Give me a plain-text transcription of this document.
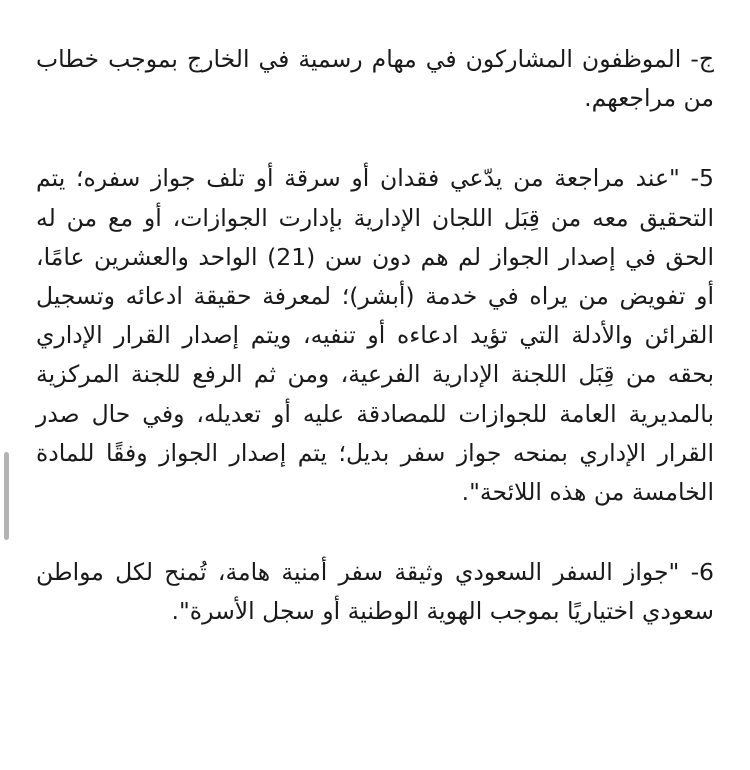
ج- الموظفون المشاركون في مهام رسمية في الخارج بموجب خطاب من مراجعهم.

5- "عند مراجعة من يدّعي فقدان أو سرقة أو تلف جواز سفره؛ يتم التحقيق معه من قِبَل اللجان الإدارية بإدارت الجوازات، أو مع من له الحق في إصدار الجواز لم هم دون سن (21) الواحد والعشرين عامًا، أو تفويض من يراه في خدمة (أبشر)؛ لمعرفة حقيقة ادعائه وتسجيل القرائن والأدلة التي تؤيد ادعاءه أو تنفيه، ويتم إصدار القرار الإداري بحقه من قِبَل اللجنة الإدارية الفرعية، ومن ثم الرفع للجنة المركزية بالمديرية العامة للجوازات للمصادقة عليه أو تعديله، وفي حال صدر القرار الإداري بمنحه جواز سفر بديل؛ يتم إصدار الجواز وفقًا للمادة الخامسة من هذه اللائحة".

6- "جواز السفر السعودي وثيقة سفر أمنية هامة، تُمنح لكل مواطن سعودي اختياريًا بموجب الهوية الوطنية أو سجل الأسرة".
